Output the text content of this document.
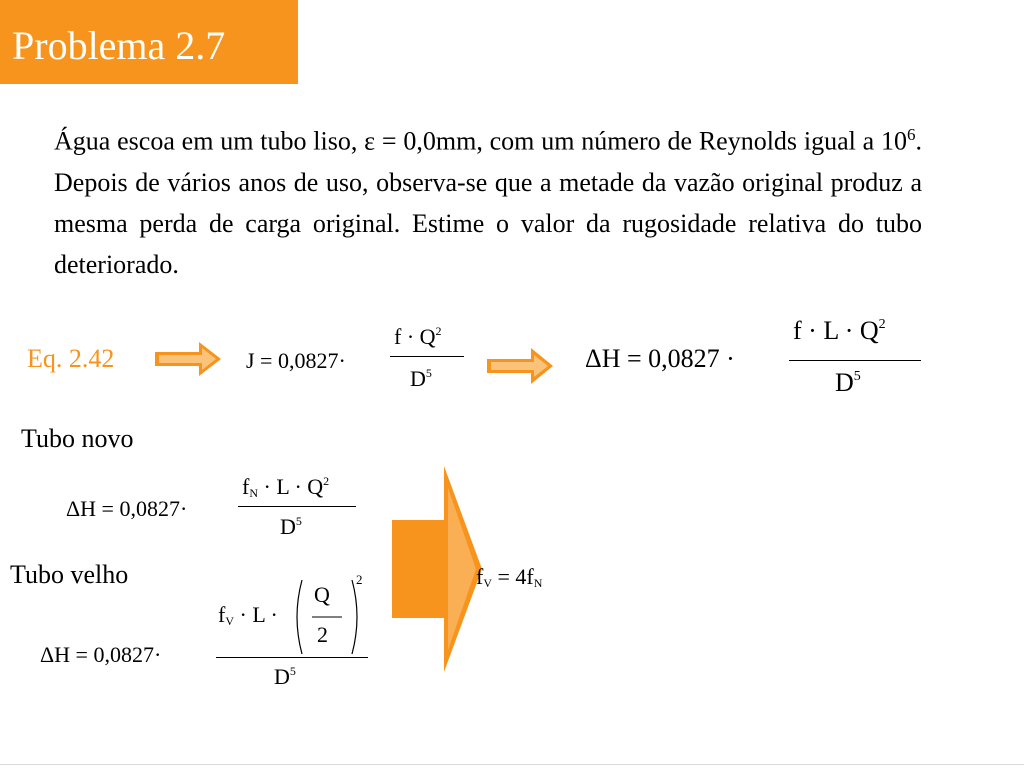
Problema 2.7
Água escoa em um tubo liso, ε = 0,0mm, com um número de Reynolds igual a $10^6$. Depois de vários anos de uso, observa-se que a metade da vazão original produz a mesma perda de carga original. Estime o valor da rugosidade relativa do tubo deteriorado.
Eq. 2.42	J = 0,0827·
$f \cdot Q^2$
$D^5$	ΔH = 0,0827 ·
$f \cdot L \cdot Q^2$
$D^5$
Tubo novo
ΔH = 0,0827·
$f_N \cdot L \cdot Q^2$
$D^5$
Tubo velho
ΔH = 0,0827·
$f_V \cdot L$ ·
Q
2
2
$D^5$
$f_V = 4f_N$
